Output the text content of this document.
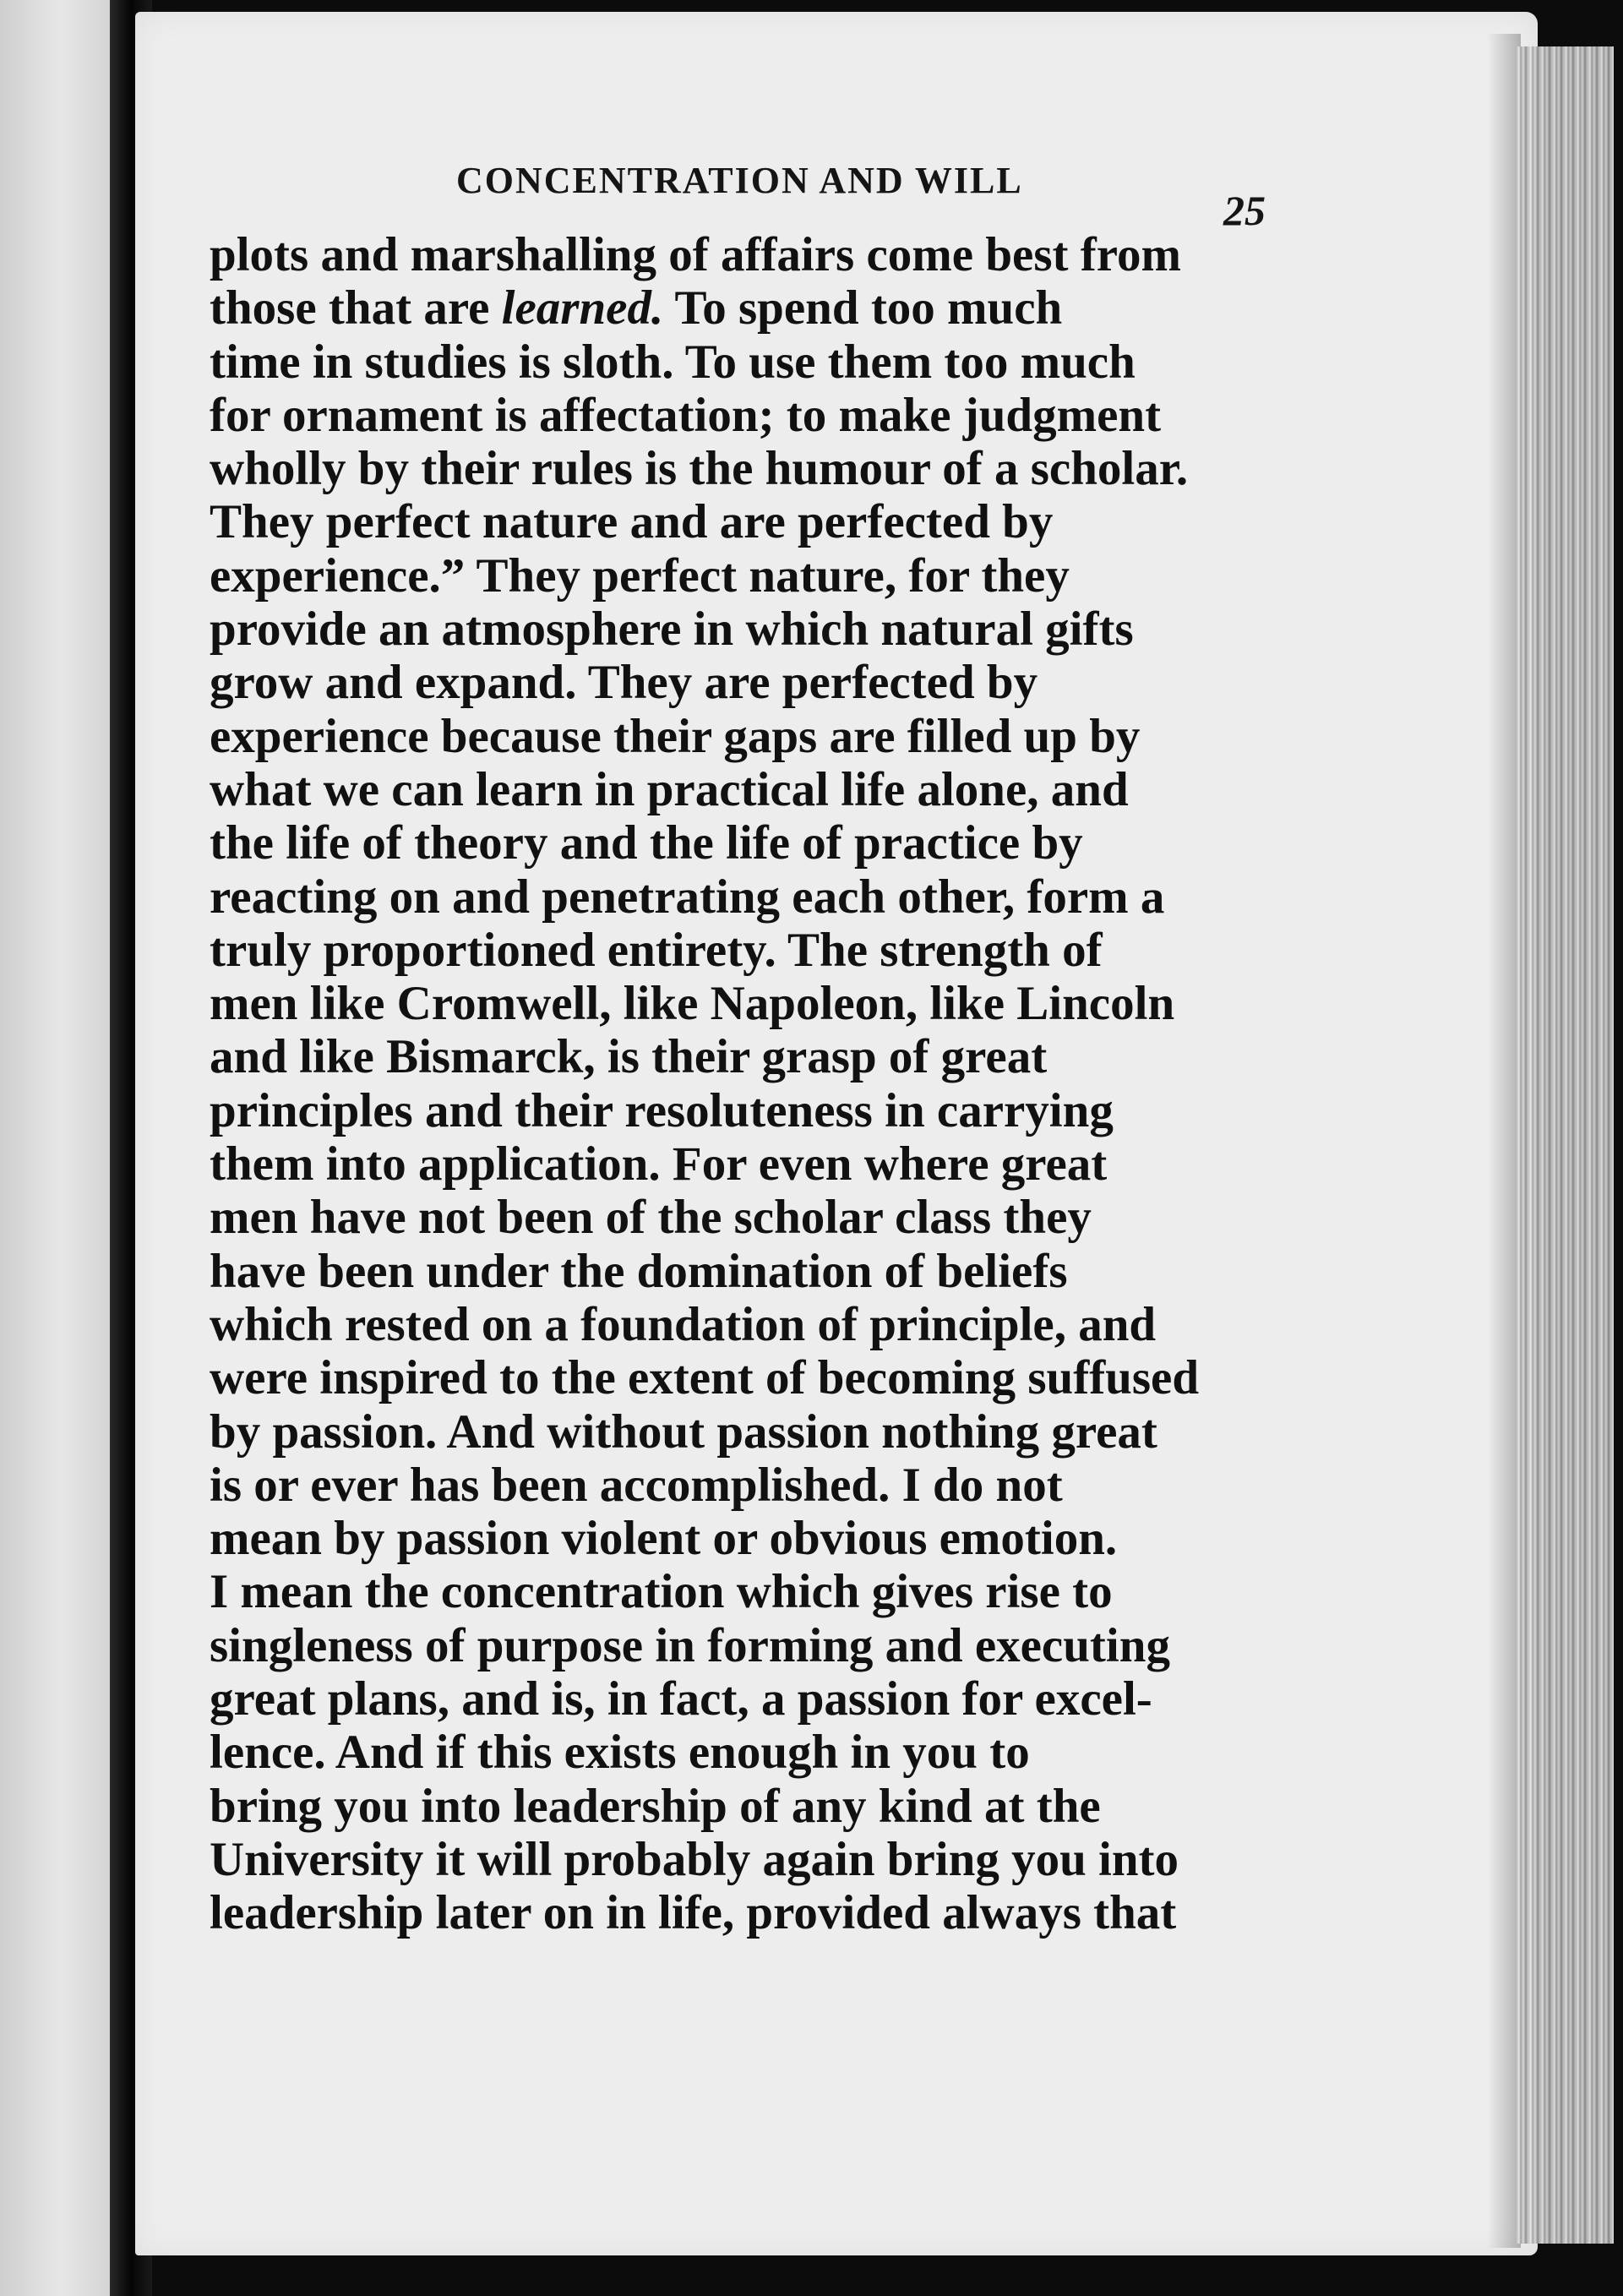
CONCENTRATION AND WILL
25
plots and marshalling of affairs come best from
those that are learned. To spend too much
time in studies is sloth. To use them too much
for ornament is affectation; to make judgment
wholly by their rules is the humour of a scholar.
They perfect nature and are perfected by
experience.” They perfect nature, for they
provide an atmosphere in which natural gifts
grow and expand. They are perfected by
experience because their gaps are filled up by
what we can learn in practical life alone, and
the life of theory and the life of practice by
reacting on and penetrating each other, form a
truly proportioned entirety. The strength of
men like Cromwell, like Napoleon, like Lincoln
and like Bismarck, is their grasp of great
principles and their resoluteness in carrying
them into application. For even where great
men have not been of the scholar class they
have been under the domination of beliefs
which rested on a foundation of principle, and
were inspired to the extent of becoming suffused
by passion. And without passion nothing great
is or ever has been accomplished. I do not
mean by passion violent or obvious emotion.
I mean the concentration which gives rise to
singleness of purpose in forming and executing
great plans, and is, in fact, a passion for excel-
lence. And if this exists enough in you to
bring you into leadership of any kind at the
University it will probably again bring you into
leadership later on in life, provided always that
